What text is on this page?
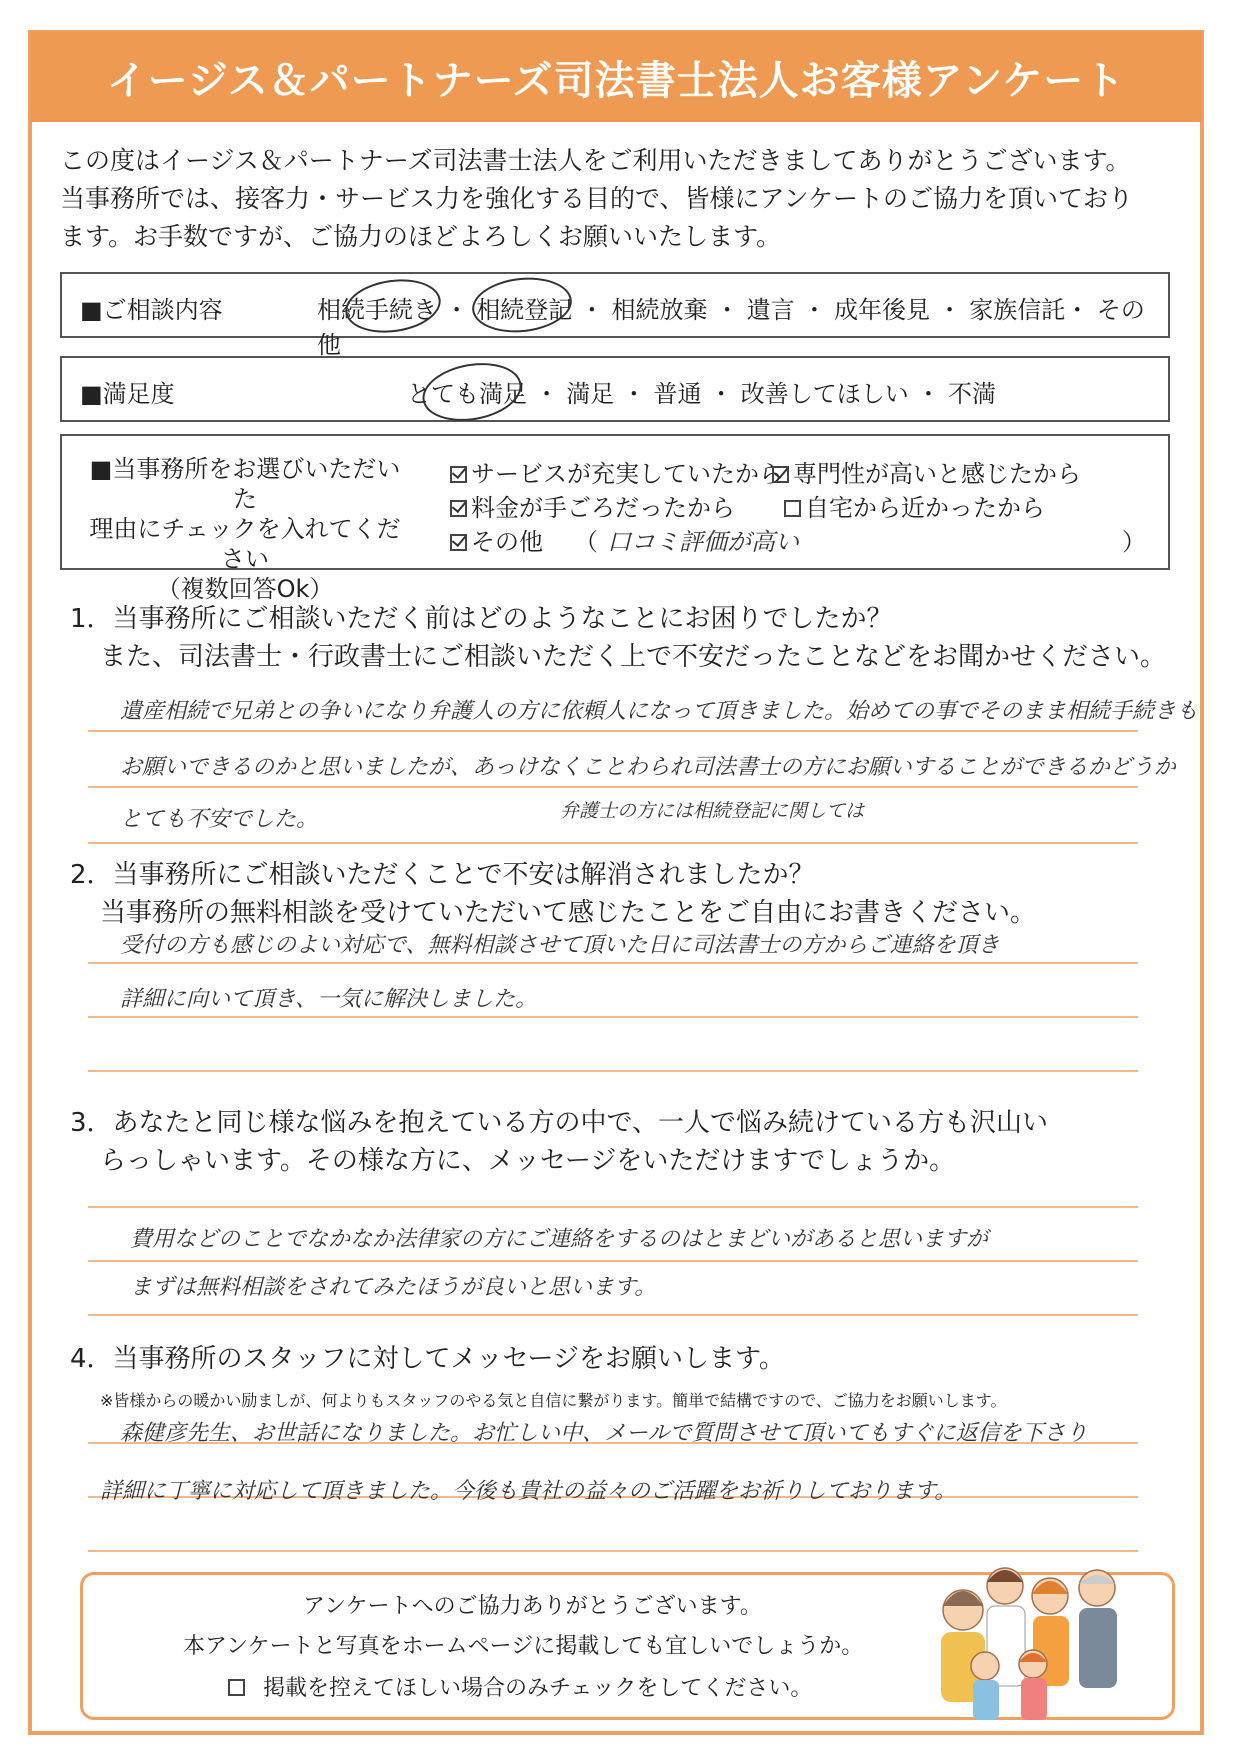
イージス＆パートナーズ司法書士法人お客様アンケート
この度はイージス＆パートナーズ司法書士法人をご利用いただきましてありがとうございます。
当事務所では、接客力・サービス力を強化する目的で、皆様にアンケートのご協力を頂いており
ます。お手数ですが、ご協力のほどよろしくお願いいたします。
■ご相談内容	相続手続き ・ 相続登記 ・ 相続放棄 ・ 遺言 ・ 成年後見 ・ 家族信託・ その他
■満足度	とても満足 ・ 満足 ・ 普通 ・ 改善してほしい ・ 不満
■当事務所をお選びいただいた
理由にチェックを入れてください
（複数回答Ok）
サービスが充実していたから 専門性が高いと感じたから
料金が手ごろだったから	自宅から近かったから
その他 （ 口コミ評価が高い	）
1．当事務所にご相談いただく前はどのようなことにお困りでしたか？
また、司法書士・行政書士にご相談いただく上で不安だったことなどをお聞かせください。
遺産相続で兄弟との争いになり弁護人の方に依頼人になって頂きました。始めての事でそのまま相続手続きも
お願いできるのかと思いましたが、あっけなくことわられ司法書士の方にお願いすることができるかどうか
とても不安でした。	弁護士の方には相続登記に関しては
2．当事務所にご相談いただくことで不安は解消されましたか？
当事務所の無料相談を受けていただいて感じたことをご自由にお書きください。
受付の方も感じのよい対応で、無料相談させて頂いた日に司法書士の方からご連絡を頂き
詳細に向いて頂き、一気に解決しました。
3．あなたと同じ様な悩みを抱えている方の中で、一人で悩み続けている方も沢山い
らっしゃいます。その様な方に、メッセージをいただけますでしょうか。
費用などのことでなかなか法律家の方にご連絡をするのはとまどいがあると思いますが
まずは無料相談をされてみたほうが良いと思います。
4．当事務所のスタッフに対してメッセージをお願いします。
※皆様からの暖かい励ましが、何よりもスタッフのやる気と自信に繋がります。簡単で結構ですので、ご協力をお願いします。
森健彦先生、お世話になりました。お忙しい中、メールで質問させて頂いてもすぐに返信を下さり
詳細に丁寧に対応して頂きました。今後も貴社の益々のご活躍をお祈りしております。
アンケートへのご協力ありがとうございます。
本アンケートと写真をホームページに掲載しても宜しいでしょうか。
掲載を控えてほしい場合のみチェックをしてください。
